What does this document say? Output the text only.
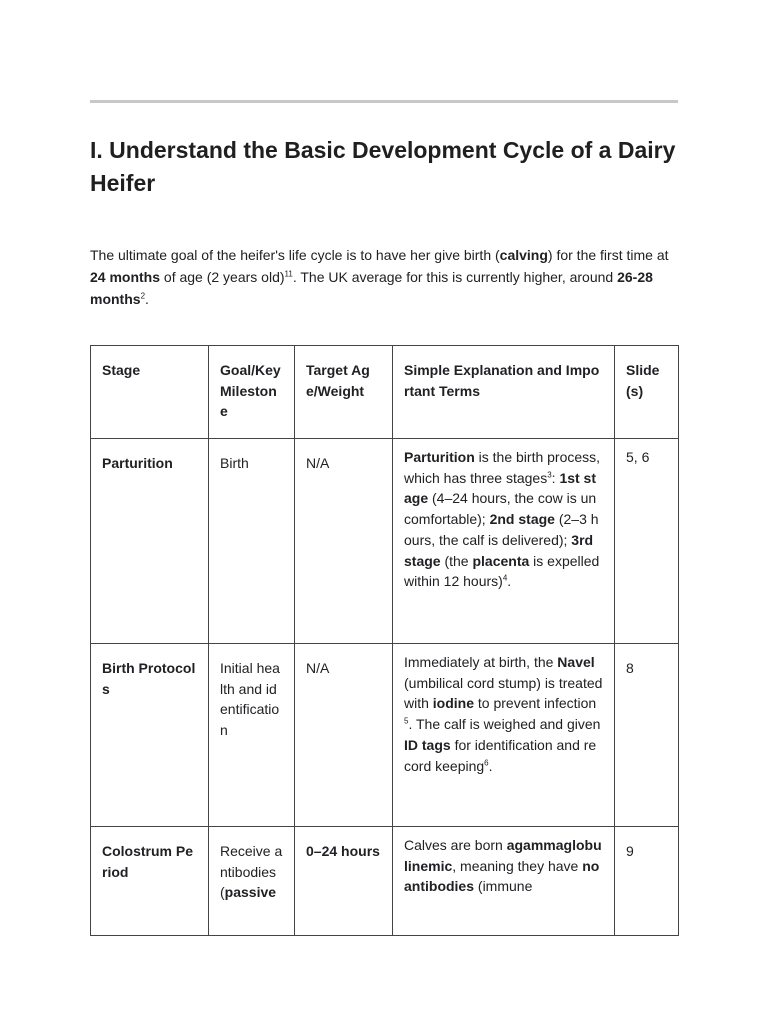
I. Understand the Basic Development Cycle of a Dairy Heifer

The ultimate goal of the heifer's life cycle is to have her give birth (calving) for the first time at 24 months of age (2 years old)$^{11}$. The UK average for this is currently higher, around 26-28 months$^2$.

Stage	Goal/Key Milestone	Target Age/Weight	Simple Explanation and Important Terms	Slide(s)
Parturition	Birth	N/A	Parturition is the birth process, which has three stages$^3$: 1st stage (4–24 hours, the cow is uncomfortable); 2nd stage (2–3 hours, the calf is delivered); 3rd stage (the placenta is expelled within 12 hours)$^4$.	5, 6
Birth Protocols	Initial health and identification	N/A	Immediately at birth, the Navel (umbilical cord stump) is treated with iodine to prevent infection$^5$. The calf is weighed and given ID tags for identification and record keeping$^6$.	8
Colostrum Period	Receive antibodies (passive	0–24 hours	Calves are born agammaglobulinemic, meaning they have no antibodies (immune	9
